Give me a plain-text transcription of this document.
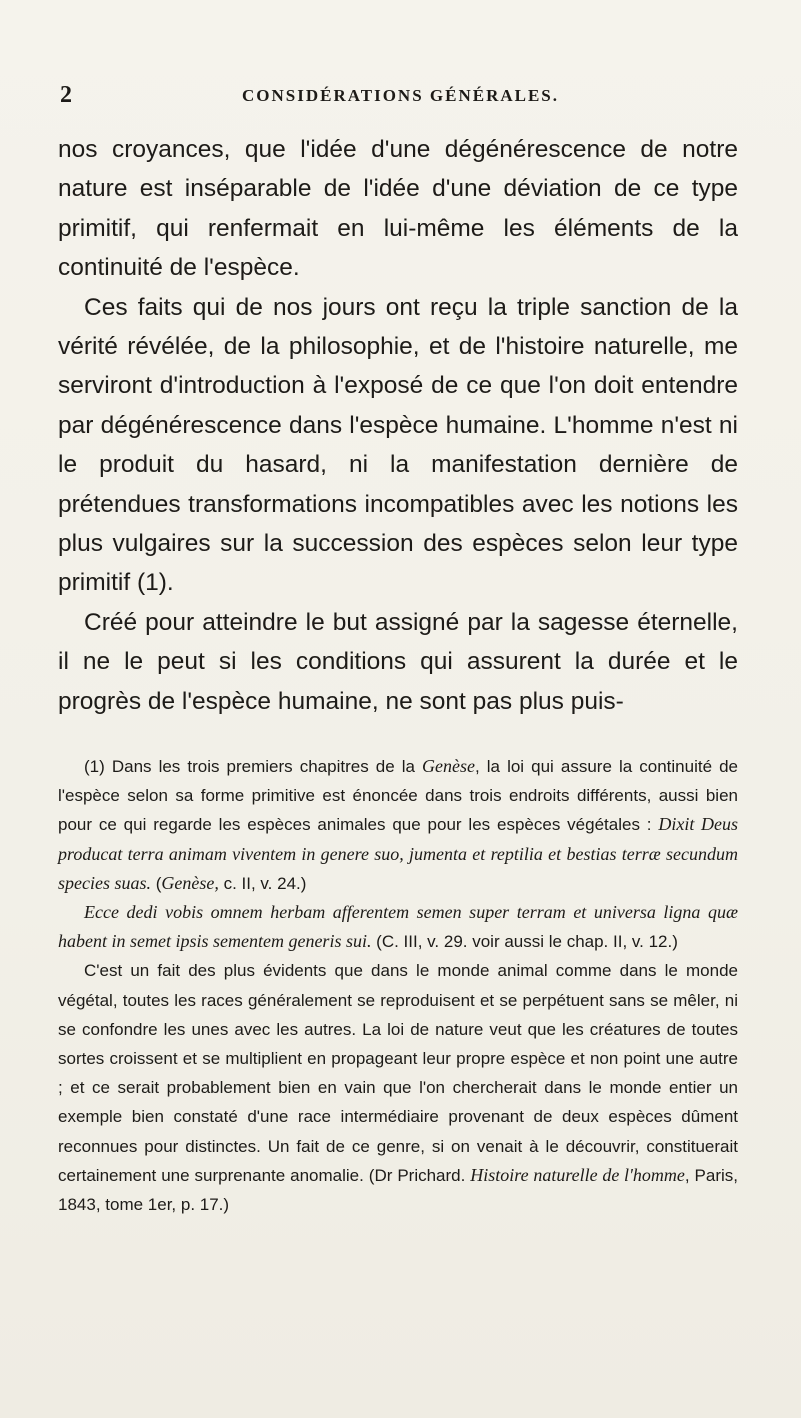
2	CONSIDÉRATIONS GÉNÉRALES.

nos croyances, que l'idée d'une dégénérescence de notre nature est inséparable de l'idée d'une déviation de ce type primitif, qui renfermait en lui-même les éléments de la continuité de l'espèce.

Ces faits qui de nos jours ont reçu la triple sanction de la vérité révélée, de la philosophie, et de l'histoire naturelle, me serviront d'introduction à l'exposé de ce que l'on doit entendre par dégénérescence dans l'espèce humaine. L'homme n'est ni le produit du hasard, ni la manifestation dernière de prétendues transformations incompatibles avec les notions les plus vulgaires sur la succession des espèces selon leur type primitif (1).

Créé pour atteindre le but assigné par la sagesse éternelle, il ne le peut si les conditions qui assurent la durée et le progrès de l'espèce humaine, ne sont pas plus puis-

(1) Dans les trois premiers chapitres de la Genèse, la loi qui assure la continuité de l'espèce selon sa forme primitive est énoncée dans trois endroits différents, aussi bien pour ce qui regarde les espèces animales que pour les espèces végétales : Dixit Deus producat terra animam viventem in genere suo, jumenta et reptilia et bestias terræ secundum species suas. (Genèse, c. II, v. 24.)

Ecce dedi vobis omnem herbam afferentem semen super terram et universa ligna quæ habent in semet ipsis sementem generis sui. (C. III, v. 29. voir aussi le chap. II, v. 12.)

C'est un fait des plus évidents que dans le monde animal comme dans le monde végétal, toutes les races généralement se reproduisent et se perpétuent sans se mêler, ni se confondre les unes avec les autres. La loi de nature veut que les créatures de toutes sortes croissent et se multiplient en propageant leur propre espèce et non point une autre ; et ce serait probablement bien en vain que l'on chercherait dans le monde entier un exemple bien constaté d'une race intermédiaire provenant de deux espèces dûment reconnues pour distinctes. Un fait de ce genre, si on venait à le découvrir, constituerait certainement une surprenante anomalie. (Dr Prichard. Histoire naturelle de l'homme, Paris, 1843, tome 1er, p. 17.)
